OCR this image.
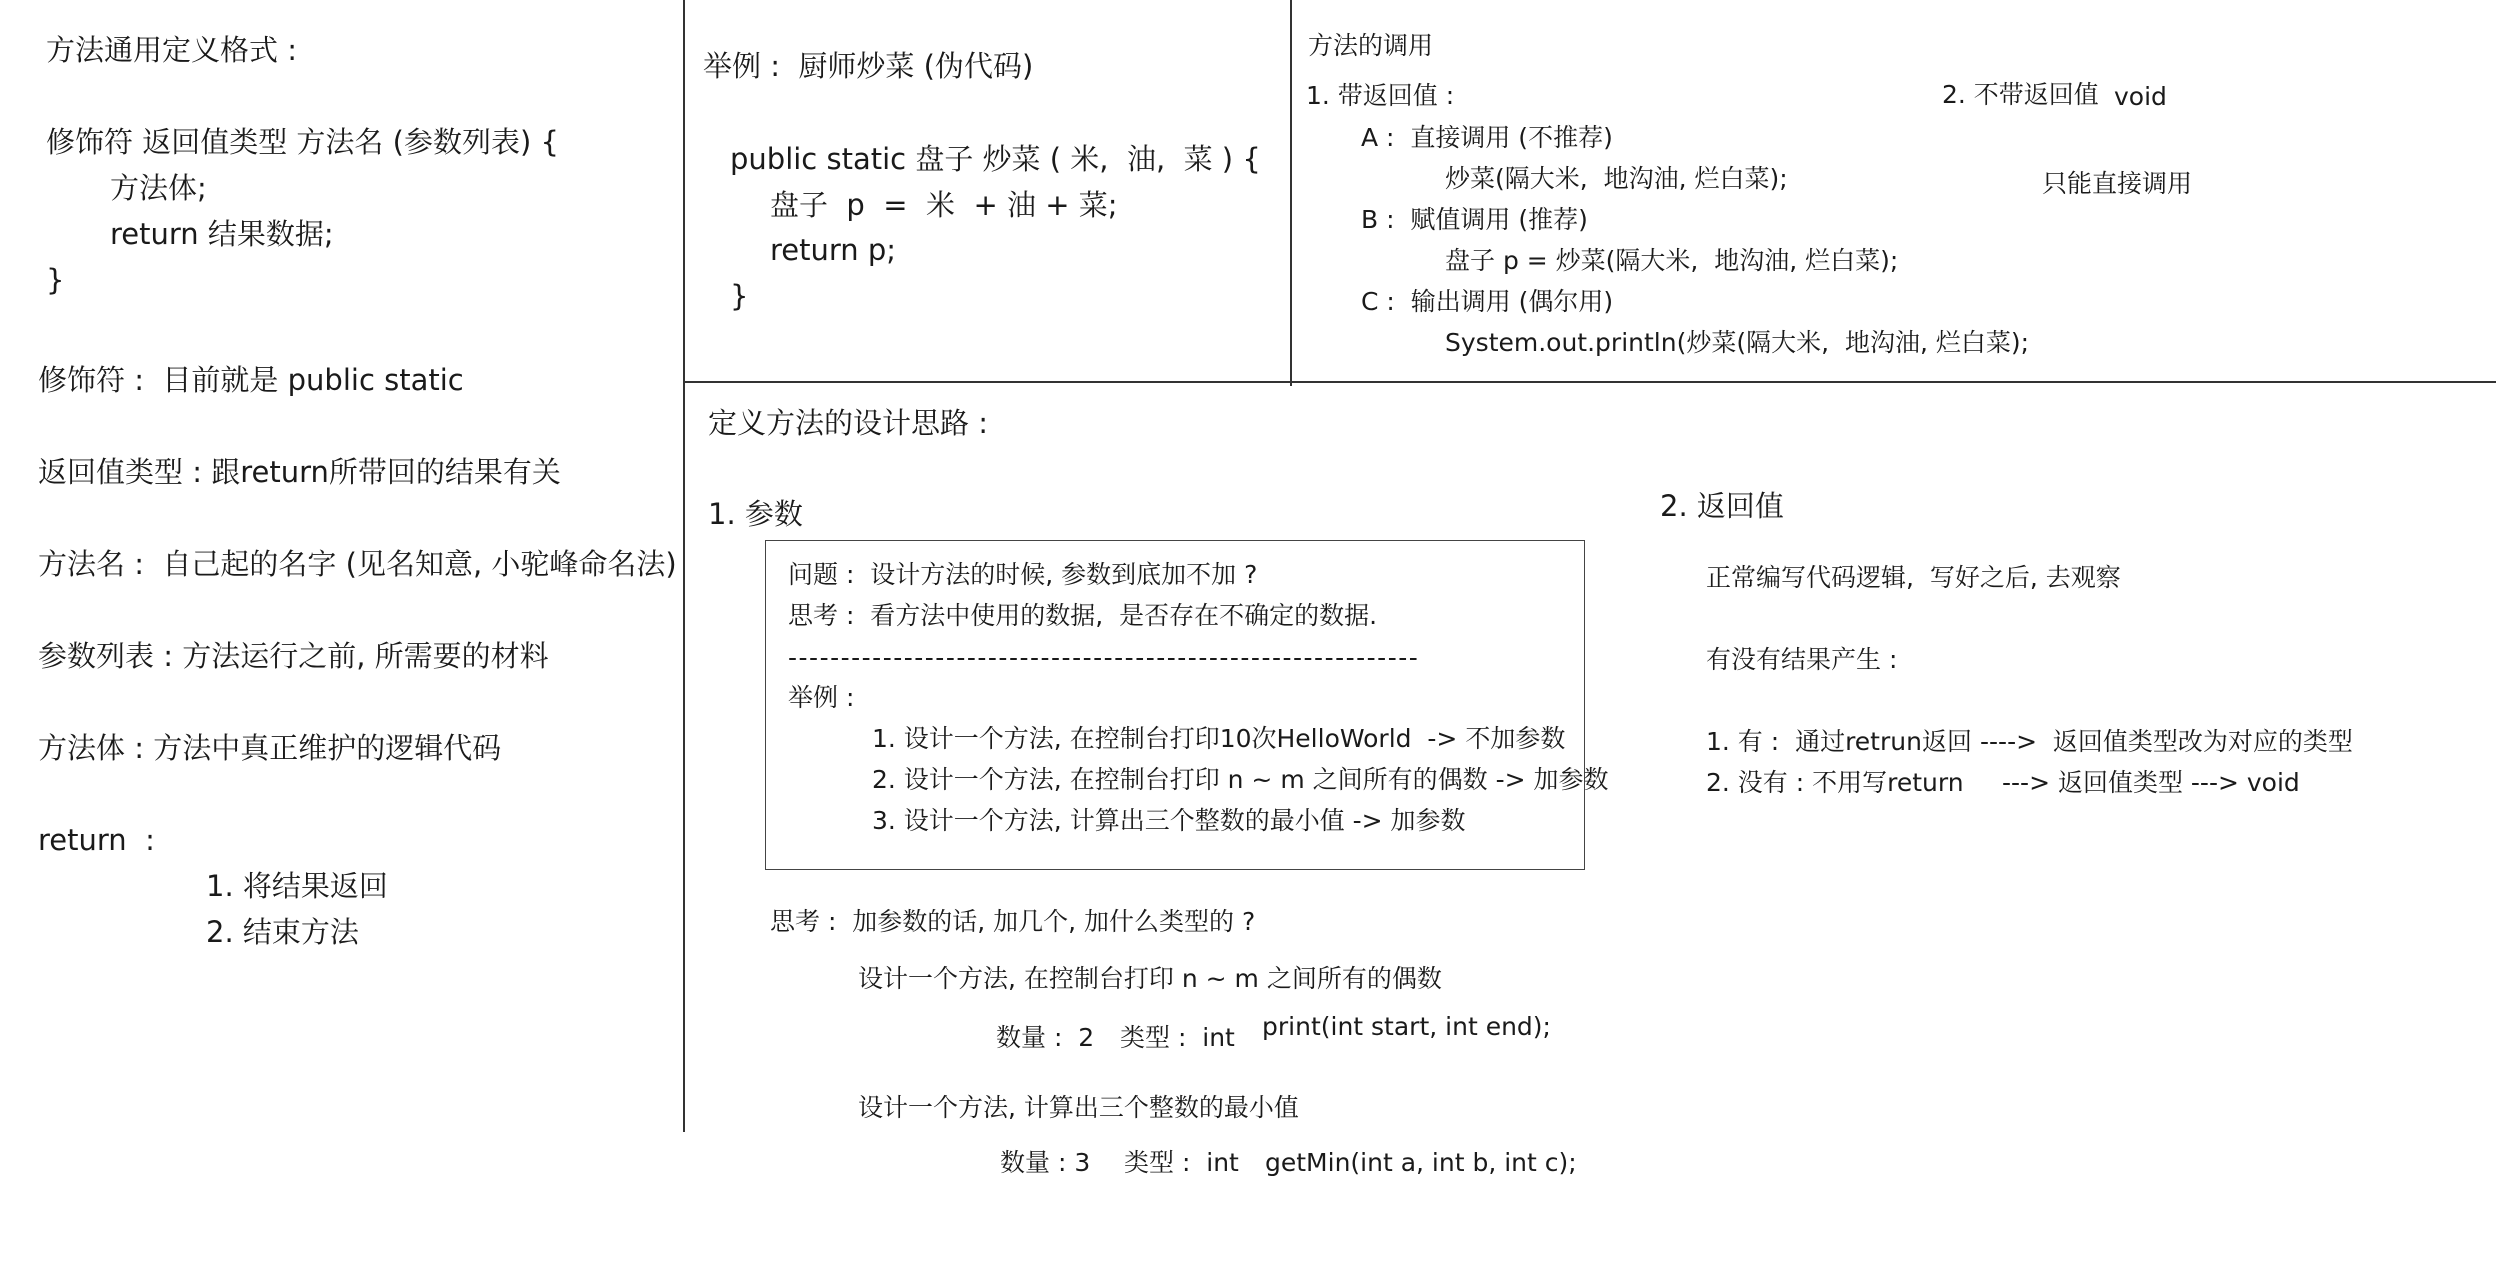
方法通用定义格式 :
修饰符 返回值类型 方法名 (参数列表) {
方法体;
return 结果数据;
}
修饰符 :  目前就是 public static
返回值类型 : 跟return所带回的结果有关
方法名 :  自己起的名字 (见名知意, 小驼峰命名法)
参数列表 : 方法运行之前, 所需要的材料
方法体 : 方法中真正维护的逻辑代码
return  :
1. 将结果返回
2. 结束方法
举例 :  厨师炒菜 (伪代码)
public static 盘子 炒菜 ( 米,  油,  菜 ) {
盘子  p  =  米  + 油 + 菜;
return p;
}
方法的调用
1. 带返回值 :
A :  直接调用 (不推荐)
炒菜(隔大米,  地沟油, 烂白菜);
B :  赋值调用 (推荐)
盘子 p = 炒菜(隔大米,  地沟油, 烂白菜);
C :  输出调用 (偶尔用)
System.out.println(炒菜(隔大米,  地沟油, 烂白菜);
2. 不带返回值 void
只能直接调用
定义方法的设计思路 :
1. 参数
问题 :  设计方法的时候, 参数到底加不加 ?
思考 :  看方法中使用的数据,  是否存在不确定的数据.
------------------------------------------------------------
举例 :
1. 设计一个方法, 在控制台打印10次HelloWorld  -> 不加参数
2. 设计一个方法, 在控制台打印 n ~ m 之间所有的偶数 -> 加参数
3. 设计一个方法, 计算出三个整数的最小值 -> 加参数
思考 :  加参数的话, 加几个, 加什么类型的 ?
设计一个方法, 在控制台打印 n ~ m 之间所有的偶数
数量 :  2 类型 :  int print(int start, int end);
设计一个方法, 计算出三个整数的最小值
数量 : 3 类型 :  int getMin(int a, int b, int c);
2. 返回值
正常编写代码逻辑,  写好之后, 去观察
有没有结果产生 :
1. 有 :  通过retrun返回 ---->  返回值类型改为对应的类型
2. 没有 : 不用写return ---> 返回值类型 ---> void
